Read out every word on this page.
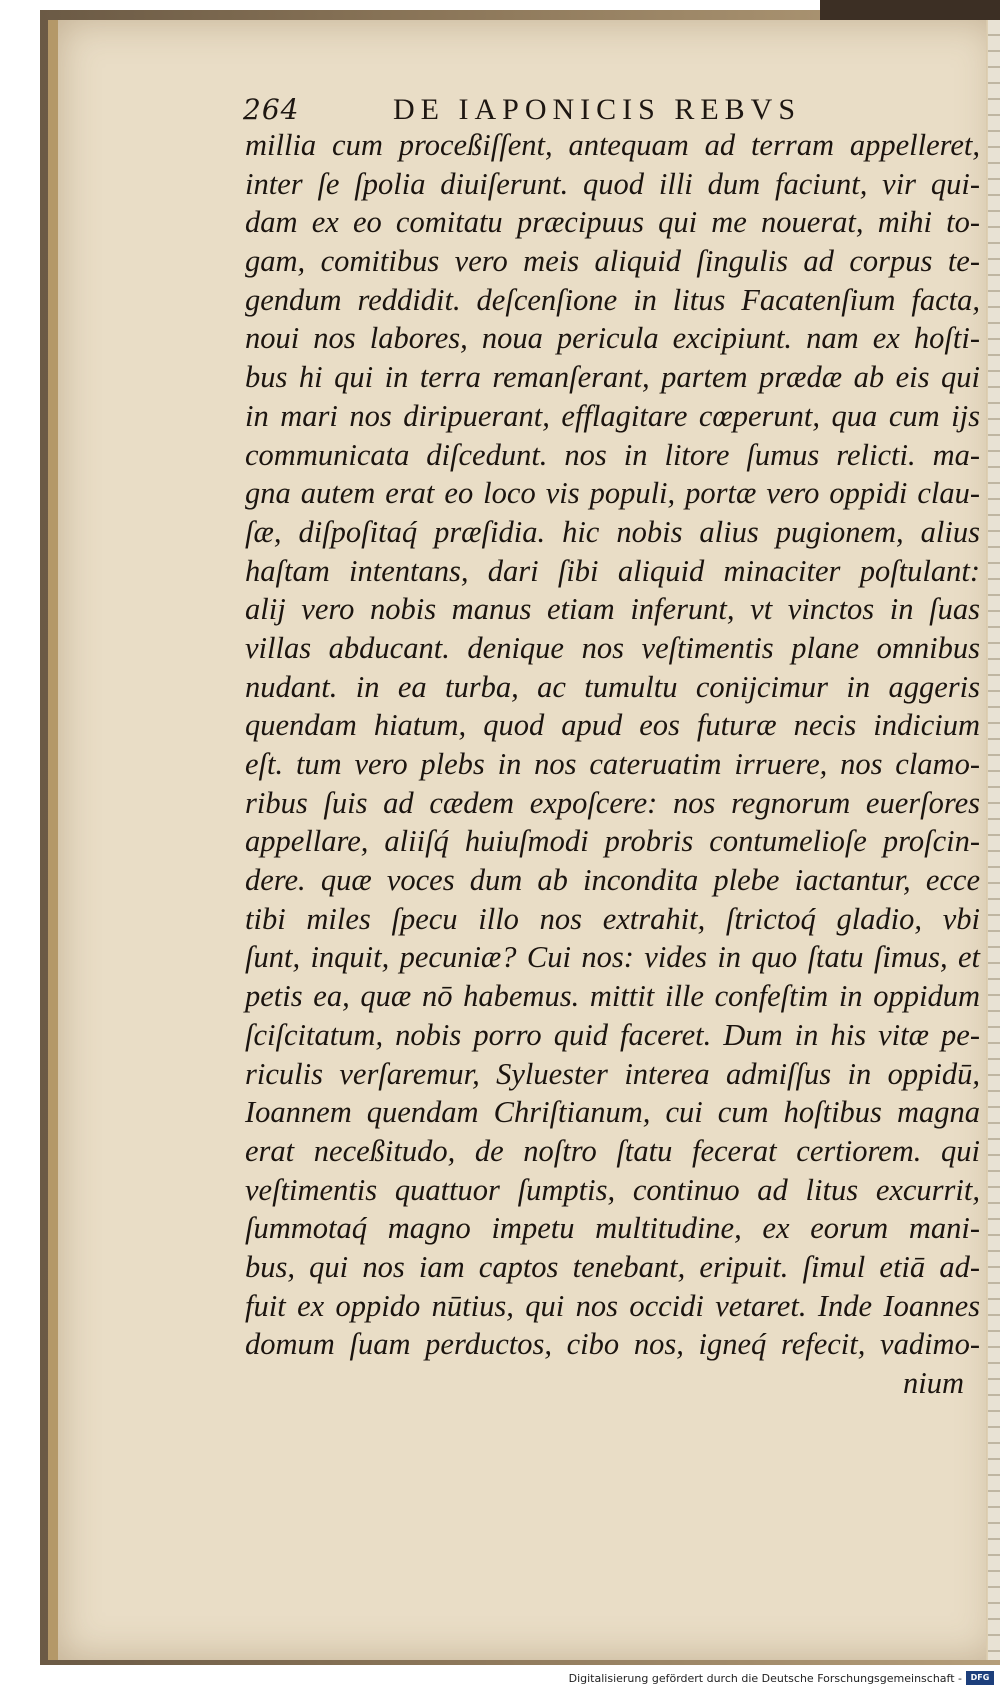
264	DE IAPONICIS REBVS
millia cum proceßiſſent, antequam ad terram appelleret,
inter ſe ſpolia diuiſerunt. quod illi dum faciunt, vir qui-
dam ex eo comitatu præcipuus qui me nouerat, mihi to-
gam, comitibus vero meis aliquid ſingulis ad corpus te-
gendum reddidit. deſcenſione in litus Facatenſium facta,
noui nos labores, noua pericula excipiunt. nam ex hoſti-
bus hi qui in terra remanſerant, partem prædæ ab eis qui
in mari nos diripuerant, efflagitare cœperunt, qua cum ijs
communicata diſcedunt. nos in litore ſumus relicti. ma-
gna autem erat eo loco vis populi, portæ vero oppidi clau-
ſæ, diſpoſitaq́ præſidia. hic nobis alius pugionem, alius
haſtam intentans, dari ſibi aliquid minaciter poſtulant:
alij vero nobis manus etiam inferunt, vt vinctos in ſuas
villas abducant. denique nos veſtimentis plane omnibus
nudant. in ea turba, ac tumultu conijcimur in aggeris
quendam hiatum, quod apud eos futuræ necis indicium
eſt. tum vero plebs in nos cateruatim irruere, nos clamo-
ribus ſuis ad cædem expoſcere: nos regnorum euerſores
appellare, aliiſq́ huiuſmodi probris contumelioſe proſcin-
dere. quæ voces dum ab incondita plebe iactantur, ecce
tibi miles ſpecu illo nos extrahit, ſtrictoq́ gladio, vbi
ſunt, inquit, pecuniæ? Cui nos: vides in quo ſtatu ſimus, et
petis ea, quæ nō habemus. mittit ille confeſtim in oppidum
ſciſcitatum, nobis porro quid faceret. Dum in his vitæ pe-
riculis verſaremur, Syluester interea admiſſus in oppidū,
Ioannem quendam Chriſtianum, cui cum hoſtibus magna
erat neceßitudo, de noſtro ſtatu fecerat certiorem. qui
veſtimentis quattuor ſumptis, continuo ad litus excurrit,
ſummotaq́ magno impetu multitudine, ex eorum mani-
bus, qui nos iam captos tenebant, eripuit. ſimul etiā ad-
fuit ex oppido nūtius, qui nos occidi vetaret. Inde Ioannes
domum ſuam perductos, cibo nos, igneq́ refecit, vadimo-
nium
Digitalisierung gefördert durch die Deutsche Forschungsgemeinschaft -	DFG
